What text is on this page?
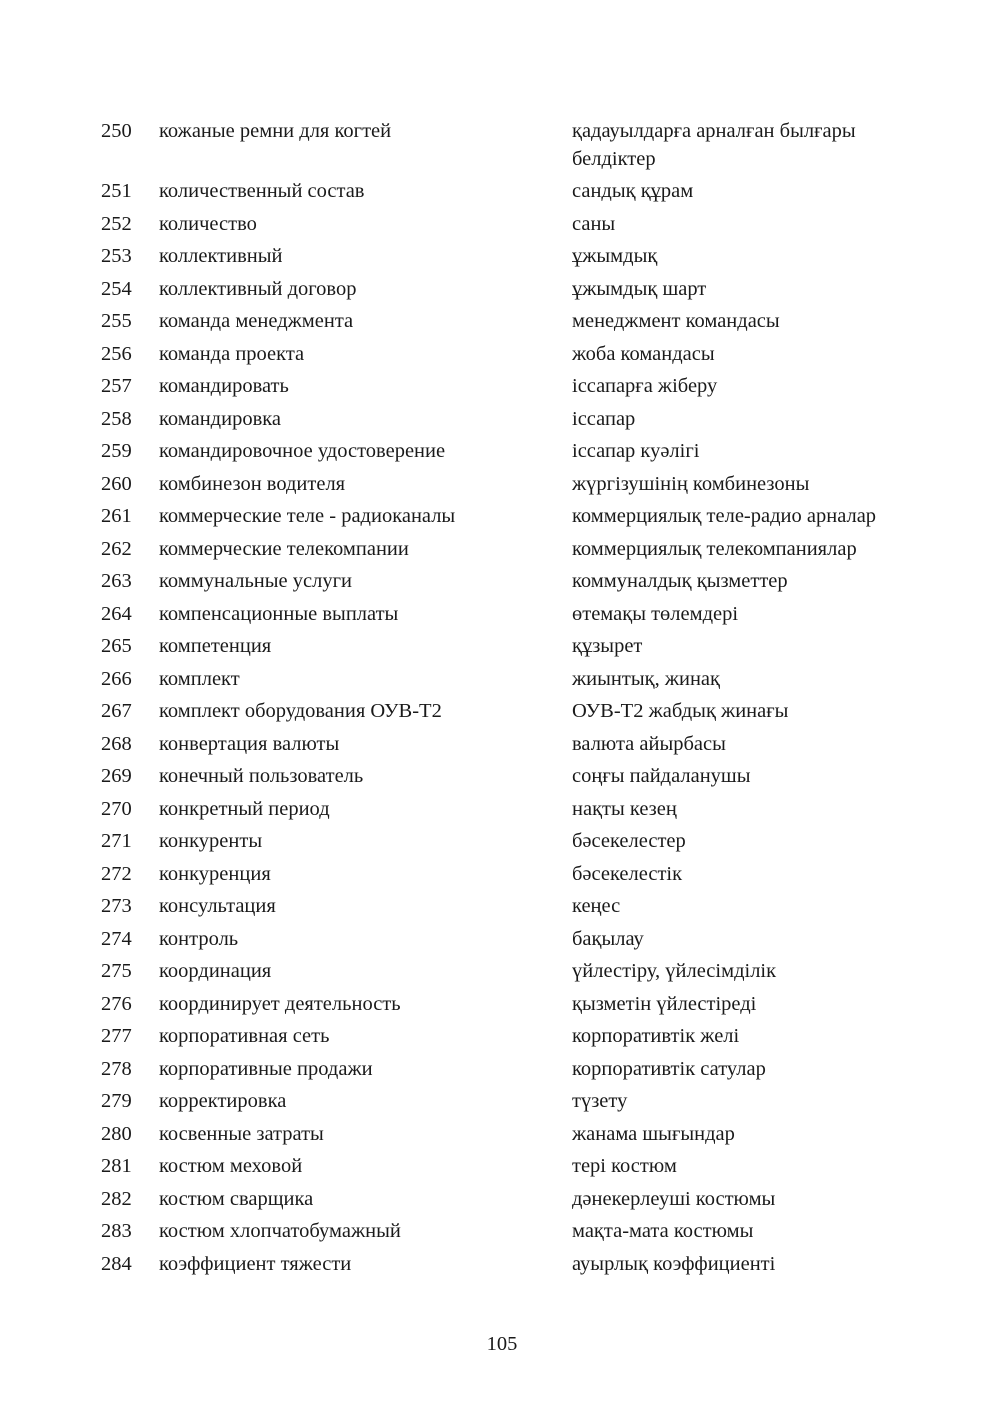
250	кожаные ремни для когтей	қадауылдарға арналған былғары белдіктер
251	количественный состав	сандық құрам
252	количество	саны
253	коллективный	ұжымдық
254	коллективный договор	ұжымдық шарт
255	команда менеджмента	менеджмент командасы
256	команда проекта	жоба командасы
257	командировать	іссапарға жіберу
258	командировка	іссапар
259	командировочное удостоверение	іссапар куәлігі
260	комбинезон водителя	жүргізушінің комбинезоны
261	коммерческие теле - радиоканалы	коммерциялық теле-радио арналар
262	коммерческие телекомпании	коммерциялық телекомпаниялар
263	коммунальные услуги	коммуналдық қызметтер
264	компенсационные выплаты	өтемақы төлемдері
265	компетенция	құзырет
266	комплект	жиынтық, жинақ
267	комплект оборудования ОУВ-Т2	ОУВ-Т2 жабдық жинағы
268	конвертация валюты	валюта айырбасы
269	конечный пользователь	соңғы пайдаланушы
270	конкретный период	нақты кезең
271	конкуренты	бәсекелестер
272	конкуренция	бәсекелестік
273	консультация	кеңес
274	контроль	бақылау
275	координация	үйлестіру, үйлесімділік
276	координирует деятельность	қызметін үйлестіреді
277	корпоративная сеть	корпоративтік желі
278	корпоративные продажи	корпоративтік сатулар
279	корректировка	түзету
280	косвенные затраты	жанама шығындар
281	костюм меховой	тері костюм
282	костюм сварщика	дәнекерлеуші костюмы
283	костюм хлопчатобумажный	мақта-мата костюмы
284	коэффициент тяжести	ауырлық коэффициенті
105
